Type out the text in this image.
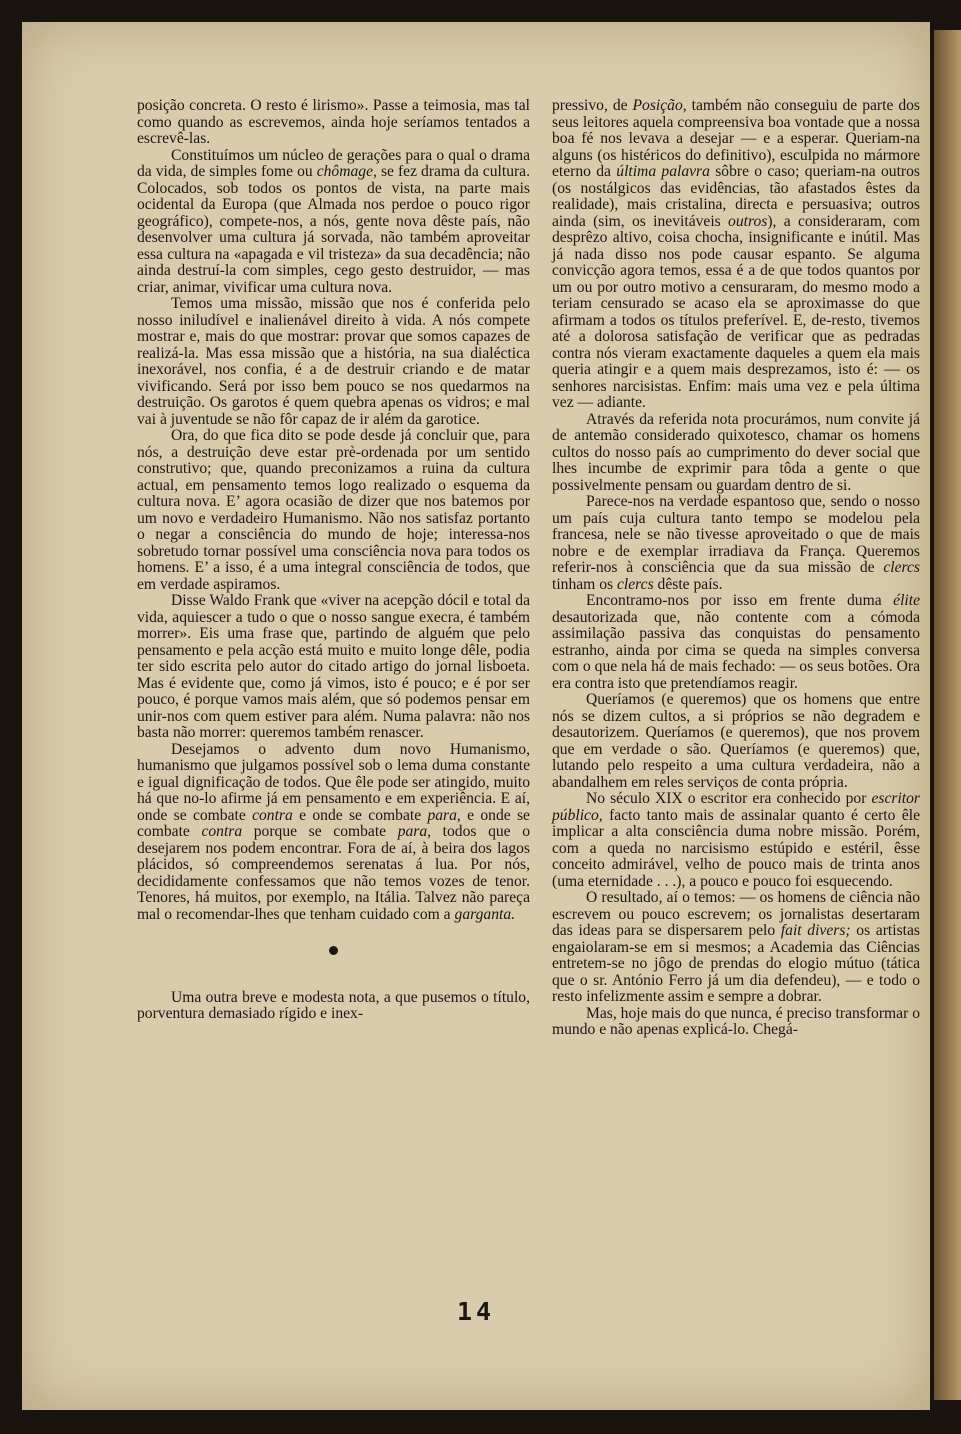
posição concreta. O resto é lirismo». Passe a teimosia, mas tal como quando as escrevemos, ainda hoje seríamos tentados a escrevê-las.

Constituímos um núcleo de gerações para o qual o drama da vida, de simples fome ou chômage, se fez drama da cultura. Colocados, sob todos os pontos de vista, na parte mais ocidental da Europa (que Almada nos perdoe o pouco rigor geográfico), compete-nos, a nós, gente nova dêste país, não desenvolver uma cultura já sorvada, não também aproveitar essa cultura na «apagada e vil tristeza» da sua decadência; não ainda destruí-la com simples, cego gesto destruidor, — mas criar, animar, vivificar uma cultura nova.

Temos uma missão, missão que nos é conferida pelo nosso iniludível e inalienável direito à vida. A nós compete mostrar e, mais do que mostrar: provar que somos capazes de realizá-la. Mas essa missão que a história, na sua dialéctica inexorável, nos confia, é a de destruir criando e de matar vivificando. Será por isso bem pouco se nos quedarmos na destruição. Os garotos é quem quebra apenas os vidros; e mal vai à juventude se não fôr capaz de ir além da garotice.

Ora, do que fica dito se pode desde já concluir que, para nós, a destruição deve estar prè-ordenada por um sentido construtivo; que, quando preconizamos a ruina da cultura actual, em pensamento temos logo realizado o esquema da cultura nova. E’ agora ocasião de dizer que nos batemos por um novo e verdadeiro Humanismo. Não nos satisfaz portanto o negar a consciência do mundo de hoje; interessa-nos sobretudo tornar possível uma consciência nova para todos os homens. E’ a isso, é a uma integral consciência de todos, que em verdade aspiramos.

Disse Waldo Frank que «viver na acepção dócil e total da vida, aquiescer a tudo o que o nosso sangue execra, é também morrer». Eis uma frase que, partindo de alguém que pelo pensamento e pela acção está muito e muito longe dêle, podia ter sido escrita pelo autor do citado artigo do jornal lisboeta. Mas é evidente que, como já vimos, isto é pouco; e é por ser pouco, é porque vamos mais além, que só podemos pensar em unir-nos com quem estiver para além. Numa palavra: não nos basta não morrer: queremos também renascer.

Desejamos o advento dum novo Humanismo, humanismo que julgamos possível sob o lema duma constante e igual dignificação de todos. Que êle pode ser atingido, muito há que no-lo afirme já em pensamento e em experiência. E aí, onde se combate contra e onde se combate para, e onde se combate contra porque se combate para, todos que o desejarem nos podem encontrar. Fora de aí, à beira dos lagos plácidos, só compreendemos serenatas á lua. Por nós, decididamente confessamos que não temos vozes de tenor. Tenores, há muitos, por exemplo, na Itália. Talvez não pareça mal o recomendar-lhes que tenham cuidado com a garganta.

Uma outra breve e modesta nota, a que pusemos o título, porventura demasiado rígido e inex-

pressivo, de Posição, também não conseguiu de parte dos seus leitores aquela compreensiva boa vontade que a nossa boa fé nos levava a desejar — e a esperar. Queriam-na alguns (os histéricos do definitivo), esculpida no mármore eterno da última palavra sôbre o caso; queriam-na outros (os nostálgicos das evidências, tão afastados êstes da realidade), mais cristalina, directa e persuasiva; outros ainda (sim, os inevitáveis outros), a consideraram, com desprêzo altivo, coisa chocha, insignificante e inútil. Mas já nada disso nos pode causar espanto. Se alguma convicção agora temos, essa é a de que todos quantos por um ou por outro motivo a censuraram, do mesmo modo a teriam censurado se acaso ela se aproximasse do que afirmam a todos os títulos preferível. E, de-resto, tivemos até a dolorosa satisfação de verificar que as pedradas contra nós vieram exactamente daqueles a quem ela mais queria atingir e a quem mais desprezamos, isto é: — os senhores narcisistas. Enfim: mais uma vez e pela última vez — adiante.

Através da referida nota procurámos, num convite já de antemão considerado quixotesco, chamar os homens cultos do nosso país ao cumprimento do dever social que lhes incumbe de exprimir para tôda a gente o que possivelmente pensam ou guardam dentro de si.

Parece-nos na verdade espantoso que, sendo o nosso um país cuja cultura tanto tempo se modelou pela francesa, nele se não tivesse aproveitado o que de mais nobre e de exemplar irradiava da França. Queremos referir-nos à consciência que da sua missão de clercs tinham os clercs dêste país.

Encontramo-nos por isso em frente duma élite desautorizada que, não contente com a cómoda assimilação passiva das conquistas do pensamento estranho, ainda por cima se queda na simples conversa com o que nela há de mais fechado: — os seus botões. Ora era contra isto que pretendíamos reagir.

Queríamos (e queremos) que os homens que entre nós se dizem cultos, a si próprios se não degradem e desautorizem. Queríamos (e queremos), que nos provem que em verdade o são. Queríamos (e queremos) que, lutando pelo respeito a uma cultura verdadeira, não a abandalhem em reles serviços de conta própria.

No século XIX o escritor era conhecido por escritor público, facto tanto mais de assinalar quanto é certo êle implicar a alta consciência duma nobre missão. Porém, com a queda no narcisismo estúpido e estéril, êsse conceito admirável, velho de pouco mais de trinta anos (uma eternidade . . .), a pouco e pouco foi esquecendo.

O resultado, aí o temos: — os homens de ciência não escrevem ou pouco escrevem; os jornalistas desertaram das ideas para se dispersarem pelo fait divers; os artistas engaiolaram-se em si mesmos; a Academia das Ciências entretem-se no jôgo de prendas do elogio mútuo (tática que o sr. António Ferro já um dia defendeu), — e todo o resto infelizmente assim e sempre a dobrar.

Mas, hoje mais do que nunca, é preciso transformar o mundo e não apenas explicá-lo. Chegá-

14
